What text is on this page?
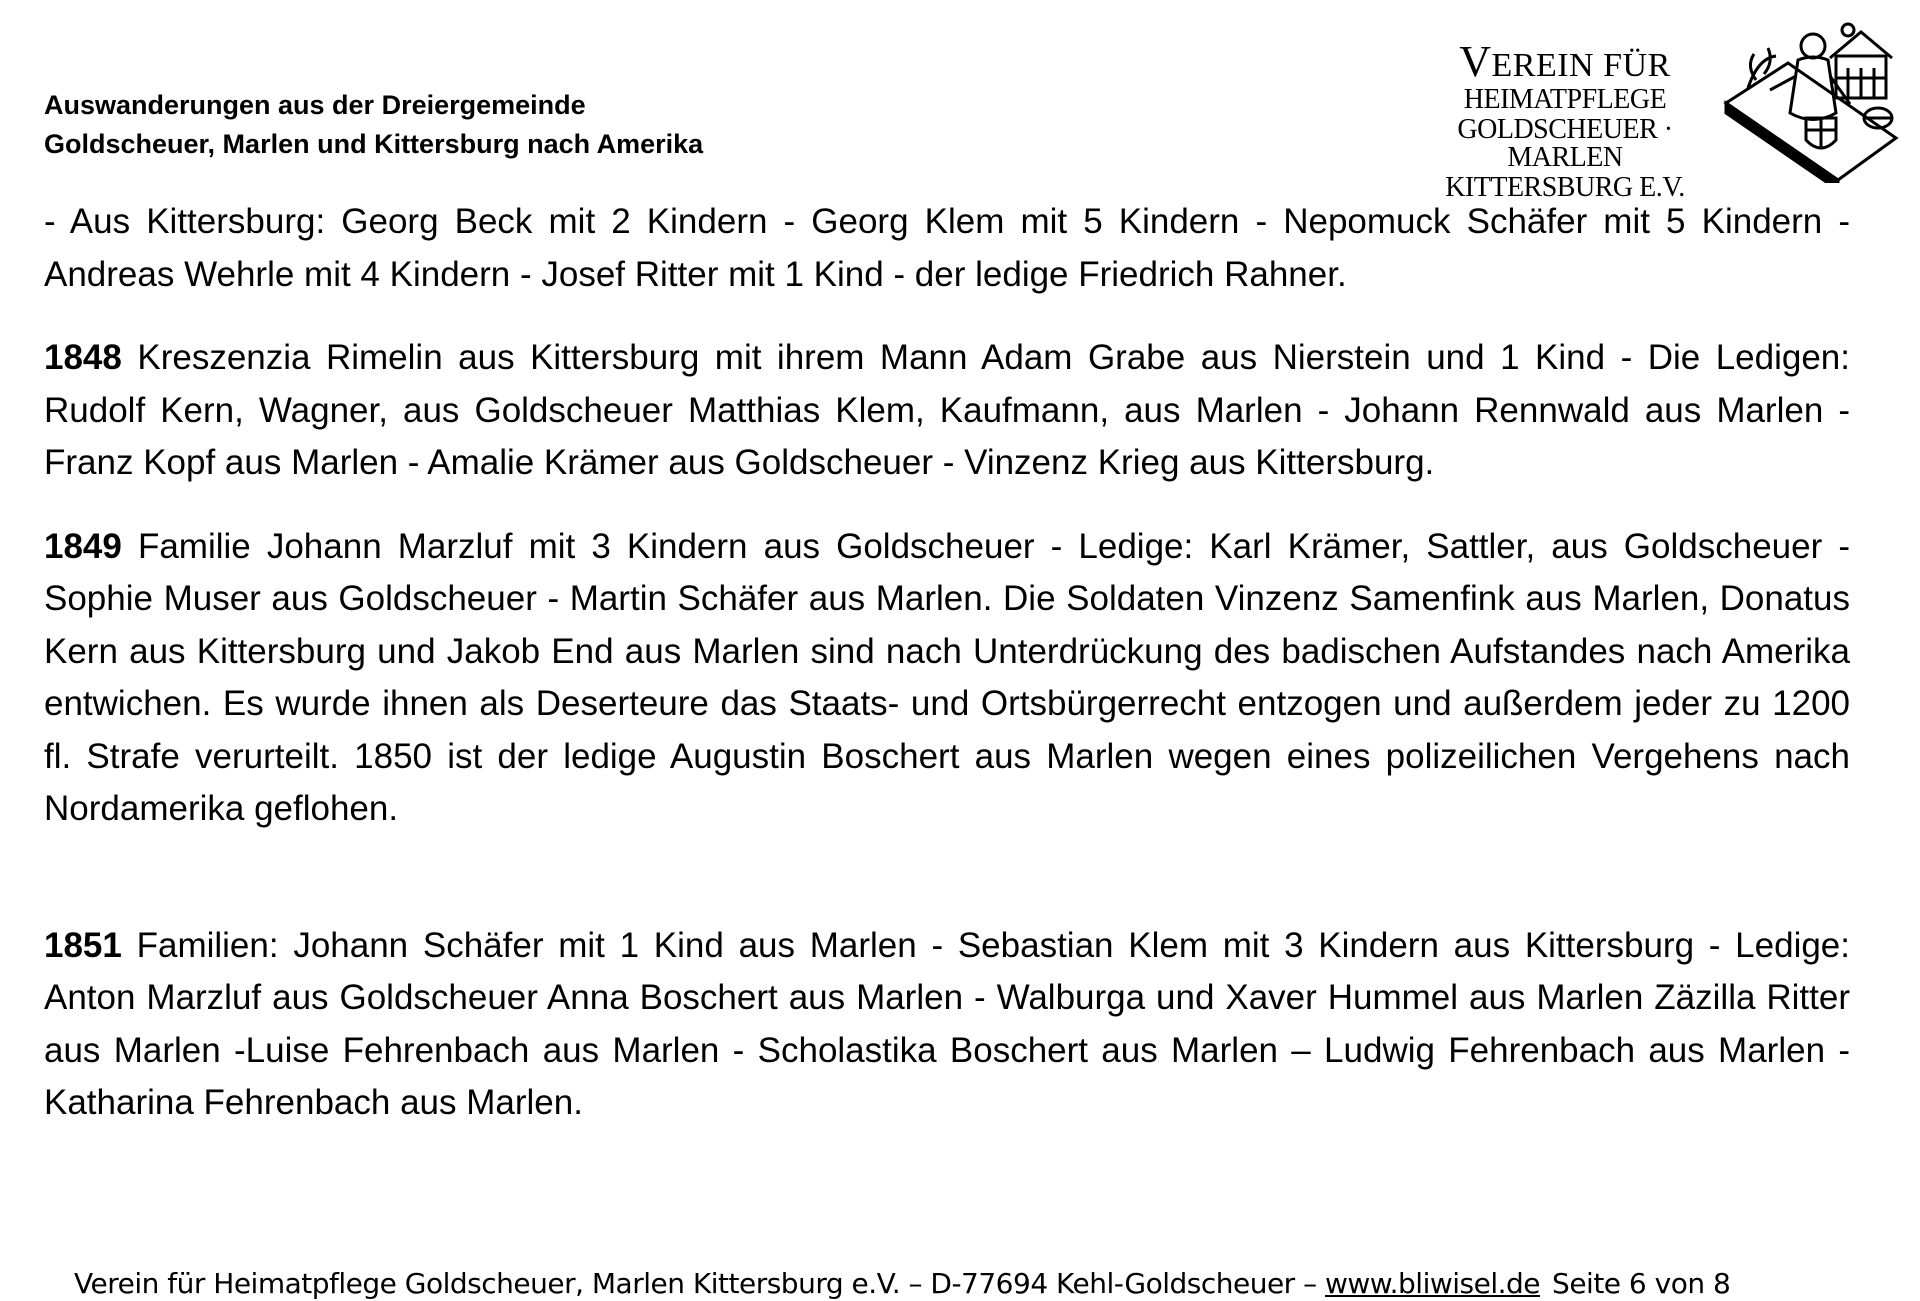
Auswanderungen aus der Dreiergemeinde
Goldscheuer, Marlen und Kittersburg nach Amerika
VEREIN FÜR
HEIMATPFLEGE
GOLDSCHEUER · MARLEN
KITTERSBURG E.V.

- Aus Kittersburg: Georg Beck mit 2 Kindern - Georg Klem mit 5 Kindern - Nepomuck Schäfer mit 5 Kindern - Andreas Wehrle mit 4 Kindern - Josef Ritter mit 1 Kind - der ledige Friedrich Rahner.

1848 Kreszenzia Rimelin aus Kittersburg mit ihrem Mann Adam Grabe aus Nierstein und 1 Kind - Die Ledigen: Rudolf Kern, Wagner, aus Goldscheuer Matthias Klem, Kaufmann, aus Marlen - Johann Rennwald aus Marlen - Franz Kopf aus Marlen - Amalie Krämer aus Goldscheuer - Vinzenz Krieg aus Kittersburg.

1849 Familie Johann Marzluf mit 3 Kindern aus Goldscheuer - Ledige: Karl Krämer, Sattler, aus Goldscheuer - Sophie Muser aus Goldscheuer - Martin Schäfer aus Marlen. Die Soldaten Vinzenz Samenfink aus Marlen, Donatus Kern aus Kittersburg und Jakob End aus Marlen sind nach Unterdrückung des badischen Aufstandes nach Amerika entwichen. Es wurde ihnen als Deserteure das Staats- und Ortsbürgerrecht entzogen und außerdem jeder zu 1200 fl. Strafe verurteilt. 1850 ist der ledige Augustin Boschert aus Marlen wegen eines polizeilichen Vergehens nach Nordamerika geflohen.

1851 Familien: Johann Schäfer mit 1 Kind aus Marlen - Sebastian Klem mit 3 Kindern aus Kittersburg - Ledige: Anton Marzluf aus Goldscheuer Anna Boschert aus Marlen - Walburga und Xaver Hummel aus Marlen Zäzilla Ritter aus Marlen -Luise Fehrenbach aus Marlen - Scholastika Boschert aus Marlen – Ludwig Fehrenbach aus Marlen - Katharina Fehrenbach aus Marlen.

Verein für Heimatpflege Goldscheuer, Marlen Kittersburg e.V. – D-77694 Kehl-Goldscheuer – www.bliwisel.de Seite 6 von 8
